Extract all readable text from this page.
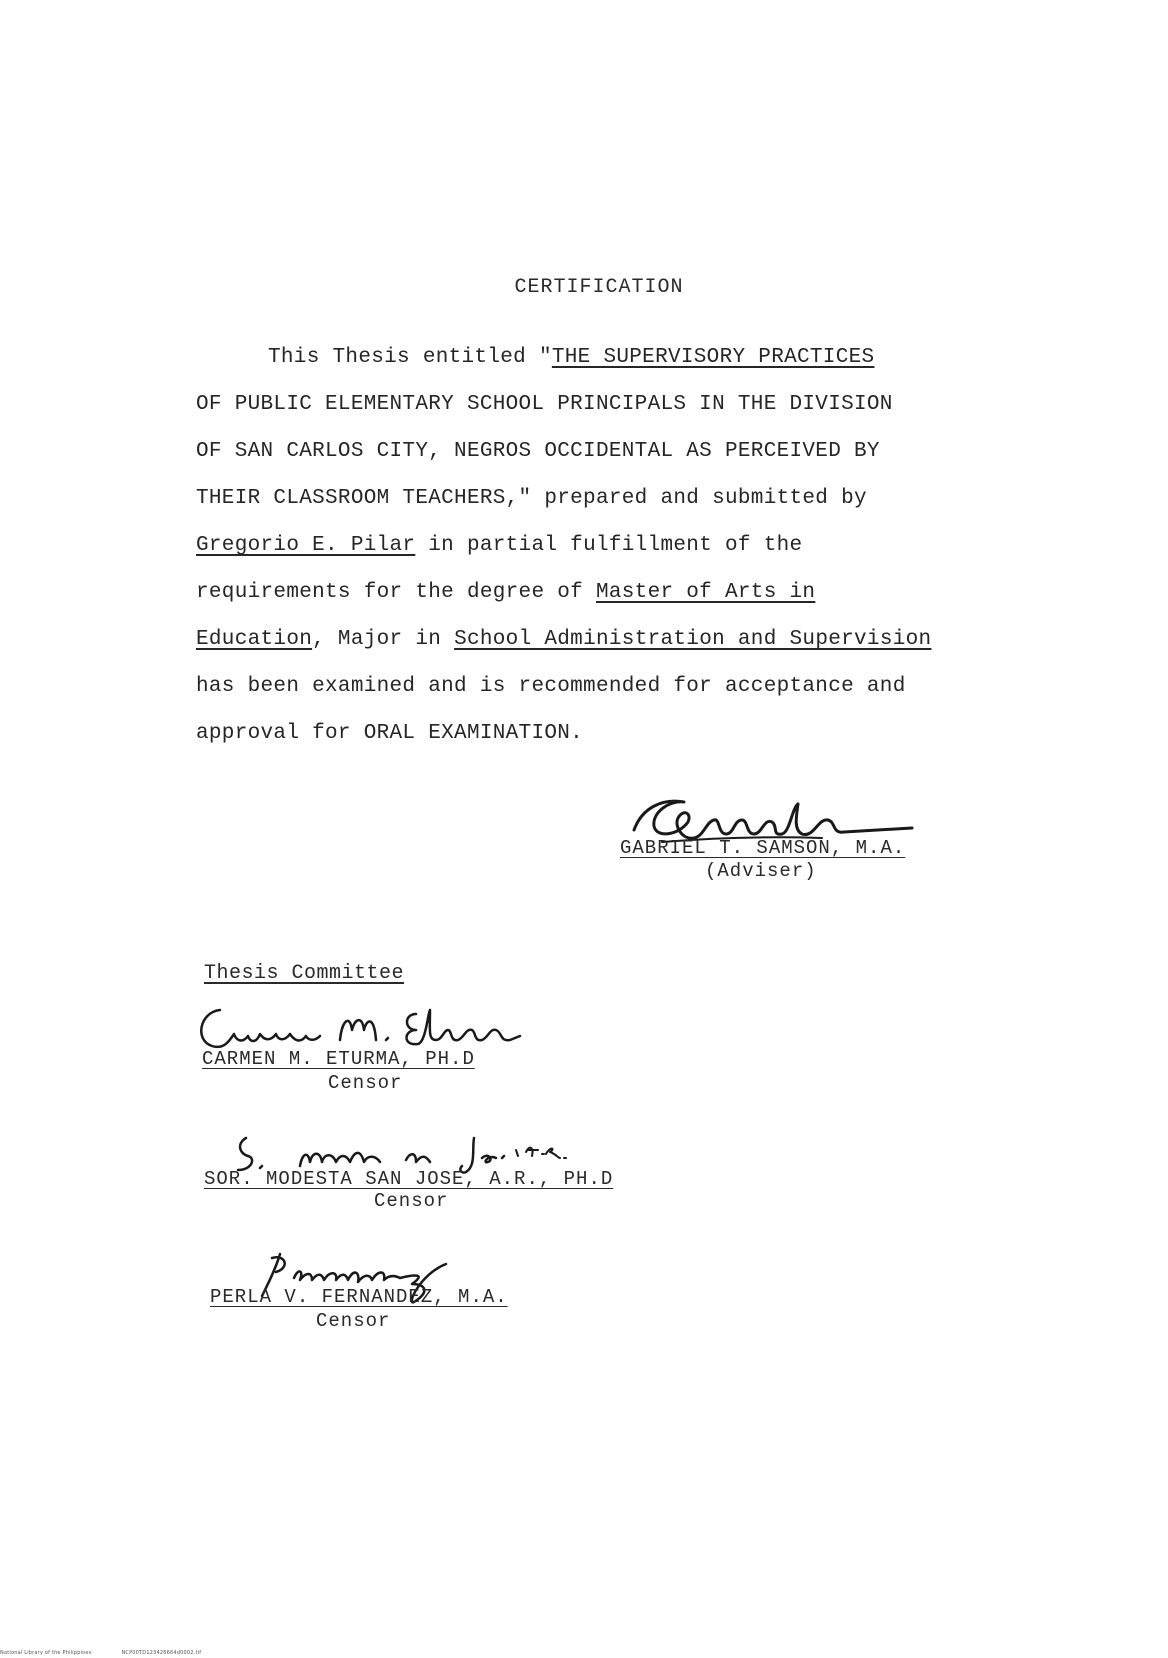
CERTIFICATION
This Thesis entitled "THE SUPERVISORY PRACTICES
OF PUBLIC ELEMENTARY SCHOOL PRINCIPALS IN THE DIVISION
OF SAN CARLOS CITY, NEGROS OCCIDENTAL AS PERCEIVED BY
THEIR CLASSROOM TEACHERS," prepared and submitted by
Gregorio E. Pilar in partial fulfillment of the
requirements for the degree of Master of Arts in
Education, Major in School Administration and Supervision
has been examined and is recommended for acceptance and
approval for ORAL EXAMINATION.
GABRIEL T. SAMSON, M.A.
(Adviser)
Thesis Committee
CARMEN M. ETURMA, PH.D
Censor
SOR. MODESTA SAN JOSE, A.R., PH.D
Censor
PERLA V. FERNANDEZ, M.A.
Censor
National Library of the Philippines	NCP00TD123426664d0002.tif
